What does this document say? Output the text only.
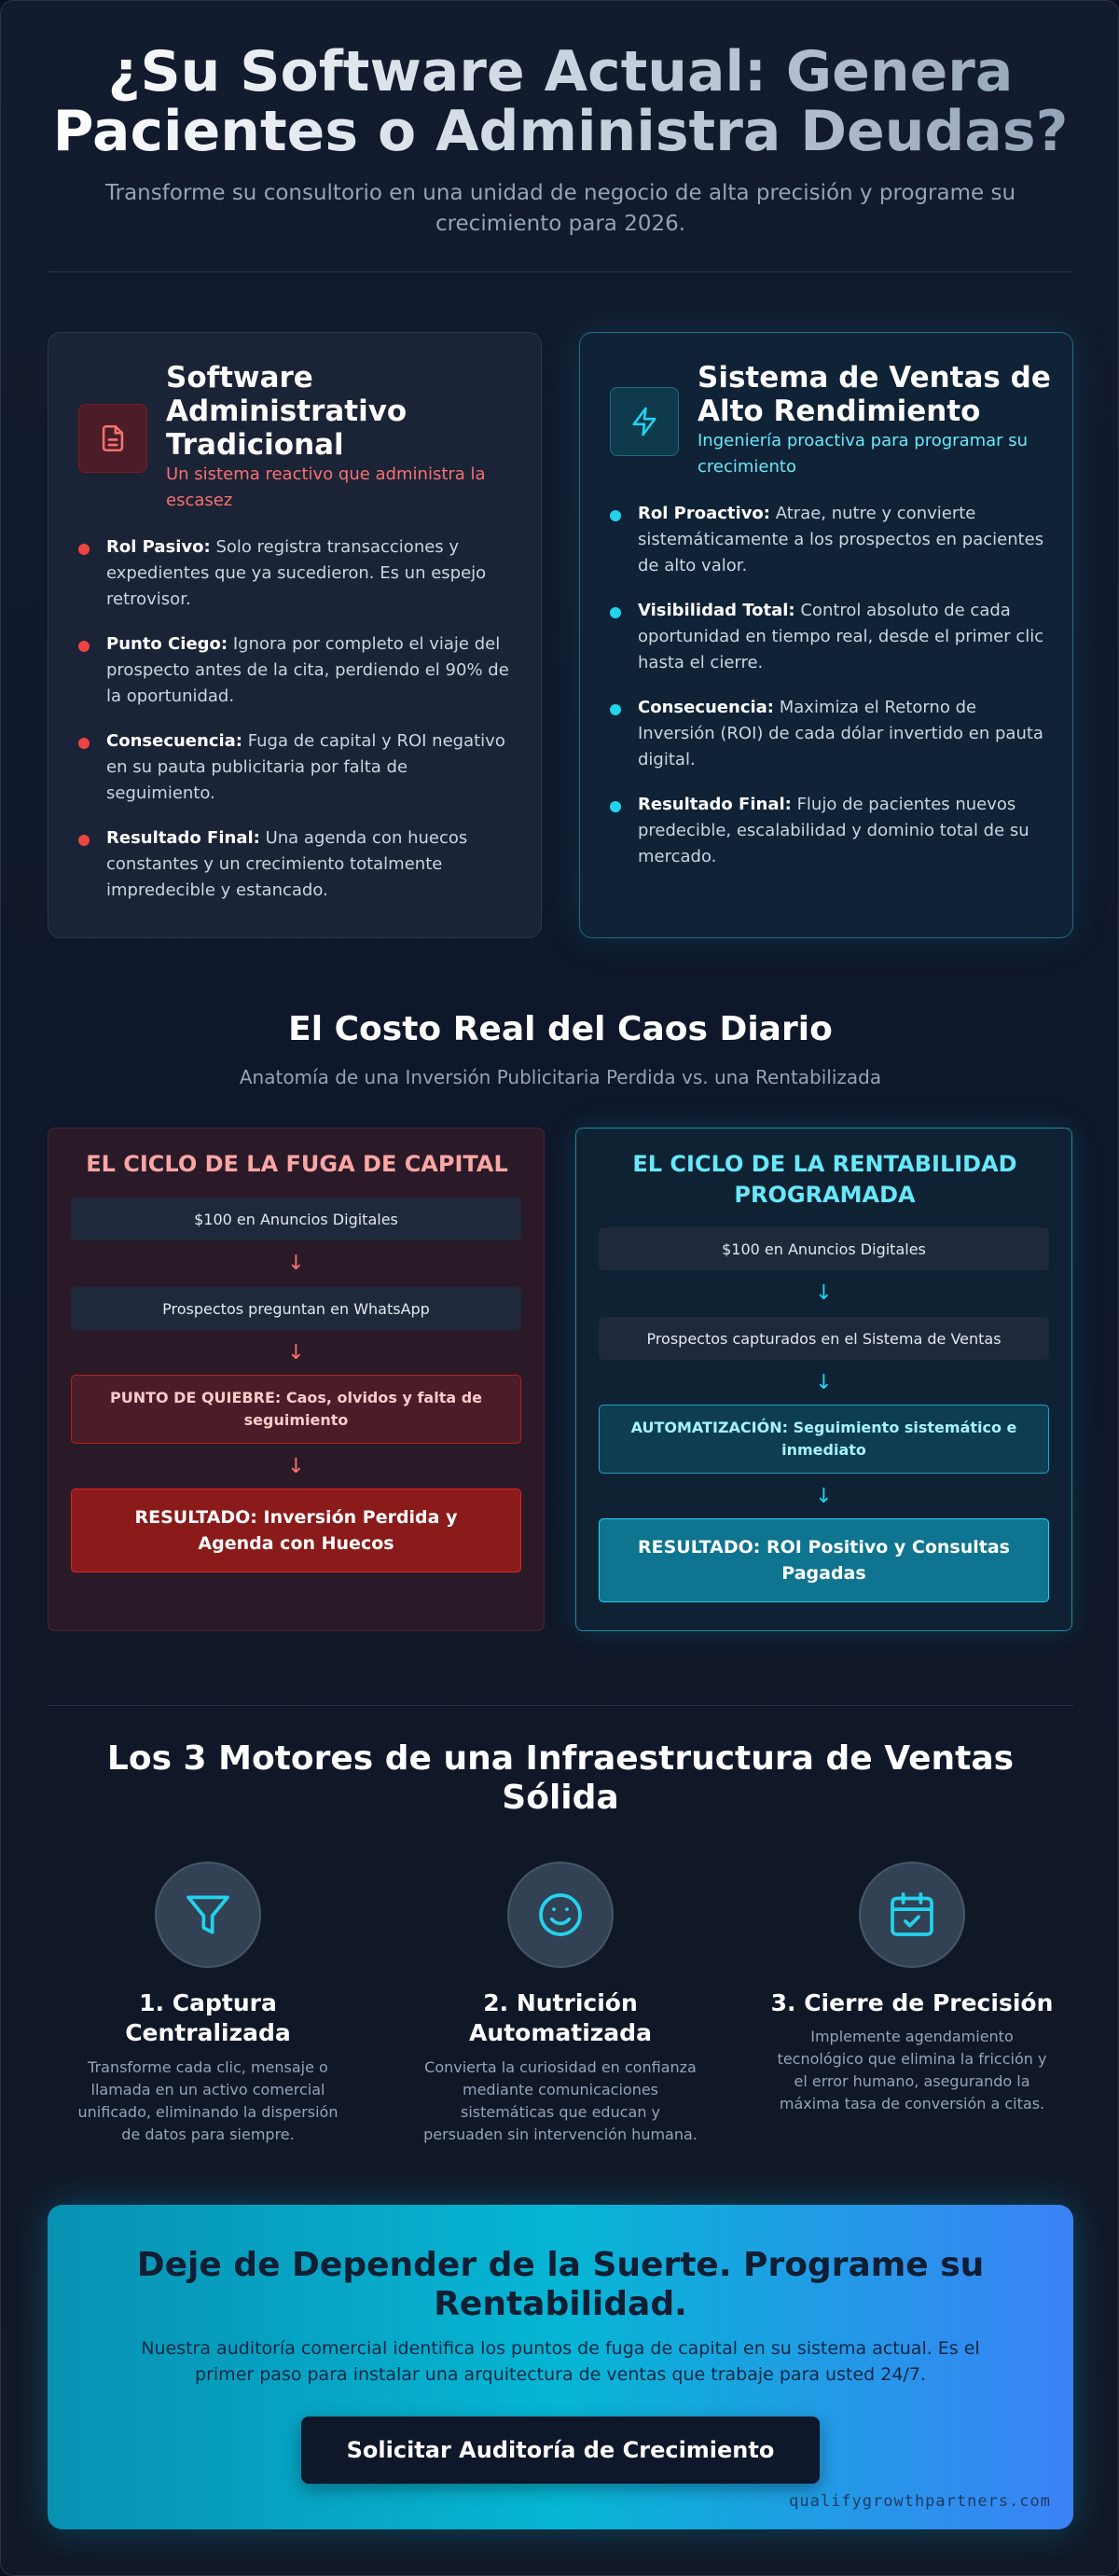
¿Su Software Actual: Genera Pacientes o Administra Deudas?

Transforme su consultorio en una unidad de negocio de alta precisión y programe su crecimiento para 2026.

Software Administrativo Tradicional
Un sistema reactivo que administra la escasez
Rol Pasivo: Solo registra transacciones y expedientes que ya sucedieron. Es un espejo retrovisor.
Punto Ciego: Ignora por completo el viaje del prospecto antes de la cita, perdiendo el 90% de la oportunidad.
Consecuencia: Fuga de capital y ROI negativo en su pauta publicitaria por falta de seguimiento.
Resultado Final: Una agenda con huecos constantes y un crecimiento totalmente impredecible y estancado.
Sistema de Ventas de Alto Rendimiento
Ingeniería proactiva para programar su crecimiento
Rol Proactivo: Atrae, nutre y convierte sistemáticamente a los prospectos en pacientes de alto valor.
Visibilidad Total: Control absoluto de cada oportunidad en tiempo real, desde el primer clic hasta el cierre.
Consecuencia: Maximiza el Retorno de Inversión (ROI) de cada dólar invertido en pauta digital.
Resultado Final: Flujo de pacientes nuevos predecible, escalabilidad y dominio total de su mercado.
El Costo Real del Caos Diario
Anatomía de una Inversión Publicitaria Perdida vs. una Rentabilizada
EL CICLO DE LA FUGA DE CAPITAL
$100 en Anuncios Digitales
↓
Prospectos preguntan en WhatsApp
↓
PUNTO DE QUIEBRE: Caos, olvidos y falta de seguimiento
↓
RESULTADO: Inversión Perdida y Agenda con Huecos
EL CICLO DE LA RENTABILIDAD PROGRAMADA
$100 en Anuncios Digitales
↓
Prospectos capturados en el Sistema de Ventas
↓
AUTOMATIZACIÓN: Seguimiento sistemático e inmediato
↓
RESULTADO: ROI Positivo y Consultas Pagadas
Los 3 Motores de una Infraestructura de Ventas Sólida
1. Captura Centralizada

Transforme cada clic, mensaje o llamada en un activo comercial unificado, eliminando la dispersión de datos para siempre.

2. Nutrición Automatizada

Convierta la curiosidad en confianza mediante comunicaciones sistemáticas que educan y persuaden sin intervención humana.

3. Cierre de Precisión

Implemente agendamiento tecnológico que elimina la fricción y el error humano, asegurando la máxima tasa de conversión a citas.

Deje de Depender de la Suerte. Programe su Rentabilidad.

Nuestra auditoría comercial identifica los puntos de fuga de capital en su sistema actual. Es el primer paso para instalar una arquitectura de ventas que trabaje para usted 24/7.

Solicitar Auditoría de Crecimiento
qualifygrowthpartners.com
